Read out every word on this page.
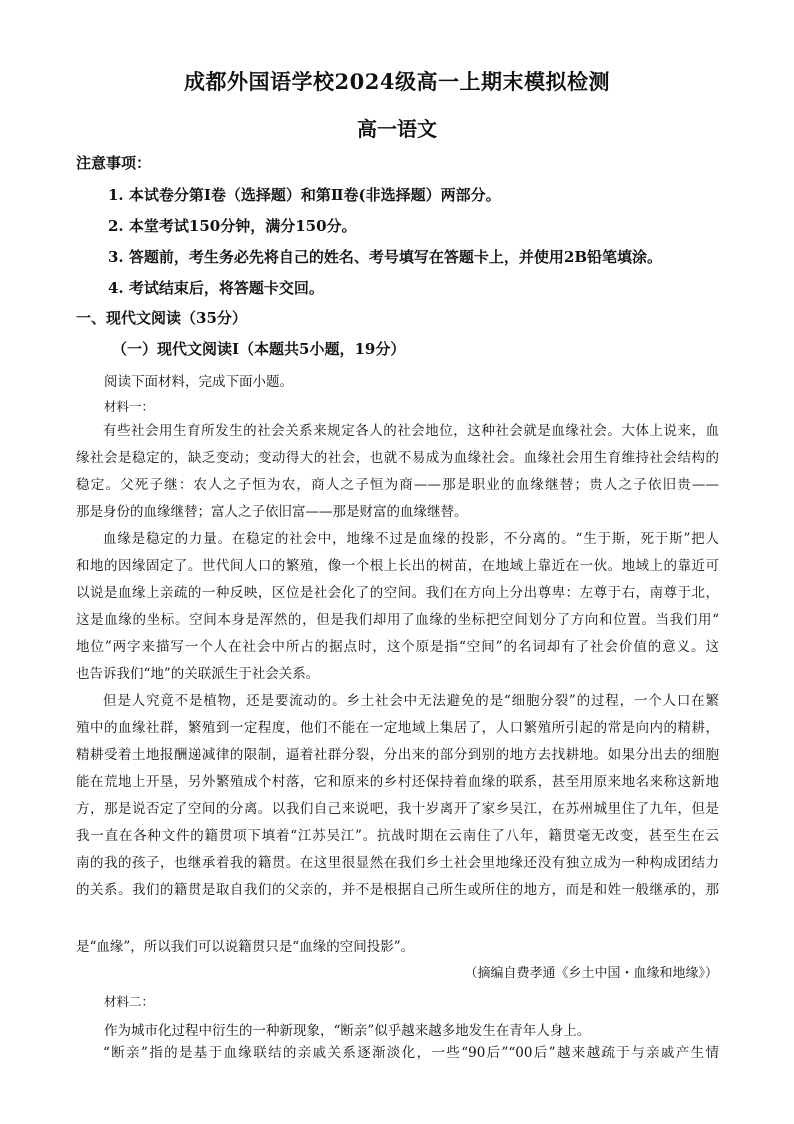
成都外国语学校2024级高一上期末模拟检测
高一语文
注意事项：
1. 本试卷分第Ⅰ卷（选择题）和第Ⅱ卷(非选择题）两部分。
2. 本堂考试150分钟，满分150分。
3. 答题前，考生务必先将自己的姓名、考号填写在答题卡上，并使用2B铅笔填涂。
4. 考试结束后，将答题卡交回。
一、现代文阅读（35分）
（一）现代文阅读Ⅰ（本题共5小题，19分）
阅读下面材料，完成下面小题。
材料一：
有些社会用生育所发生的社会关系来规定各人的社会地位，这种社会就是血缘社会。大体上说来，血
缘社会是稳定的，缺乏变动；变动得大的社会，也就不易成为血缘社会。血缘社会用生育维持社会结构的
稳定。父死子继：农人之子恒为农，商人之子恒为商——那是职业的血缘继替；贵人之子依旧贵——
那是身份的血缘继替；富人之子依旧富——那是财富的血缘继替。
血缘是稳定的力量。在稳定的社会中，地缘不过是血缘的投影，不分离的。“生于斯，死于斯”把人
和地的因缘固定了。世代间人口的繁殖，像一个根上长出的树苗，在地域上靠近在一伙。地域上的靠近可
以说是血缘上亲疏的一种反映，区位是社会化了的空间。我们在方向上分出尊卑：左尊于右，南尊于北，
这是血缘的坐标。空间本身是浑然的，但是我们却用了血缘的坐标把空间划分了方向和位置。当我们用“
地位”两字来描写一个人在社会中所占的据点时，这个原是指“空间”的名词却有了社会价值的意义。这
也告诉我们“地”的关联派生于社会关系。
但是人究竟不是植物，还是要流动的。乡土社会中无法避免的是“细胞分裂”的过程，一个人口在繁
殖中的血缘社群，繁殖到一定程度，他们不能在一定地域上集居了，人口繁殖所引起的常是向内的精耕，
精耕受着土地报酬递减律的限制，逼着社群分裂，分出来的部分到别的地方去找耕地。如果分出去的细胞
能在荒地上开垦，另外繁殖成个村落，它和原来的乡村还保持着血缘的联系，甚至用原来地名来称这新地
方，那是说否定了空间的分离。以我们自己来说吧，我十岁离开了家乡吴江，在苏州城里住了九年，但是
我一直在各种文件的籍贯项下填着“江苏吴江”。抗战时期在云南住了八年，籍贯毫无改变，甚至生在云
南的我的孩子，也继承着我的籍贯。在这里很显然在我们乡土社会里地缘还没有独立成为一种构成团结力
的关系。我们的籍贯是取自我们的父亲的，并不是根据自己所生或所住的地方，而是和姓一般继承的，那
是“血缘”，所以我们可以说籍贯只是“血缘的空间投影”。
（摘编自费孝通《乡土中国・血缘和地缘》）
材料二：
作为城市化过程中衍生的一种新现象，“断亲”似乎越来越多地发生在青年人身上。
“断亲”指的是基于血缘联结的亲戚关系逐渐淡化，一些“90后”“00后”越来越疏于与亲戚产生情
